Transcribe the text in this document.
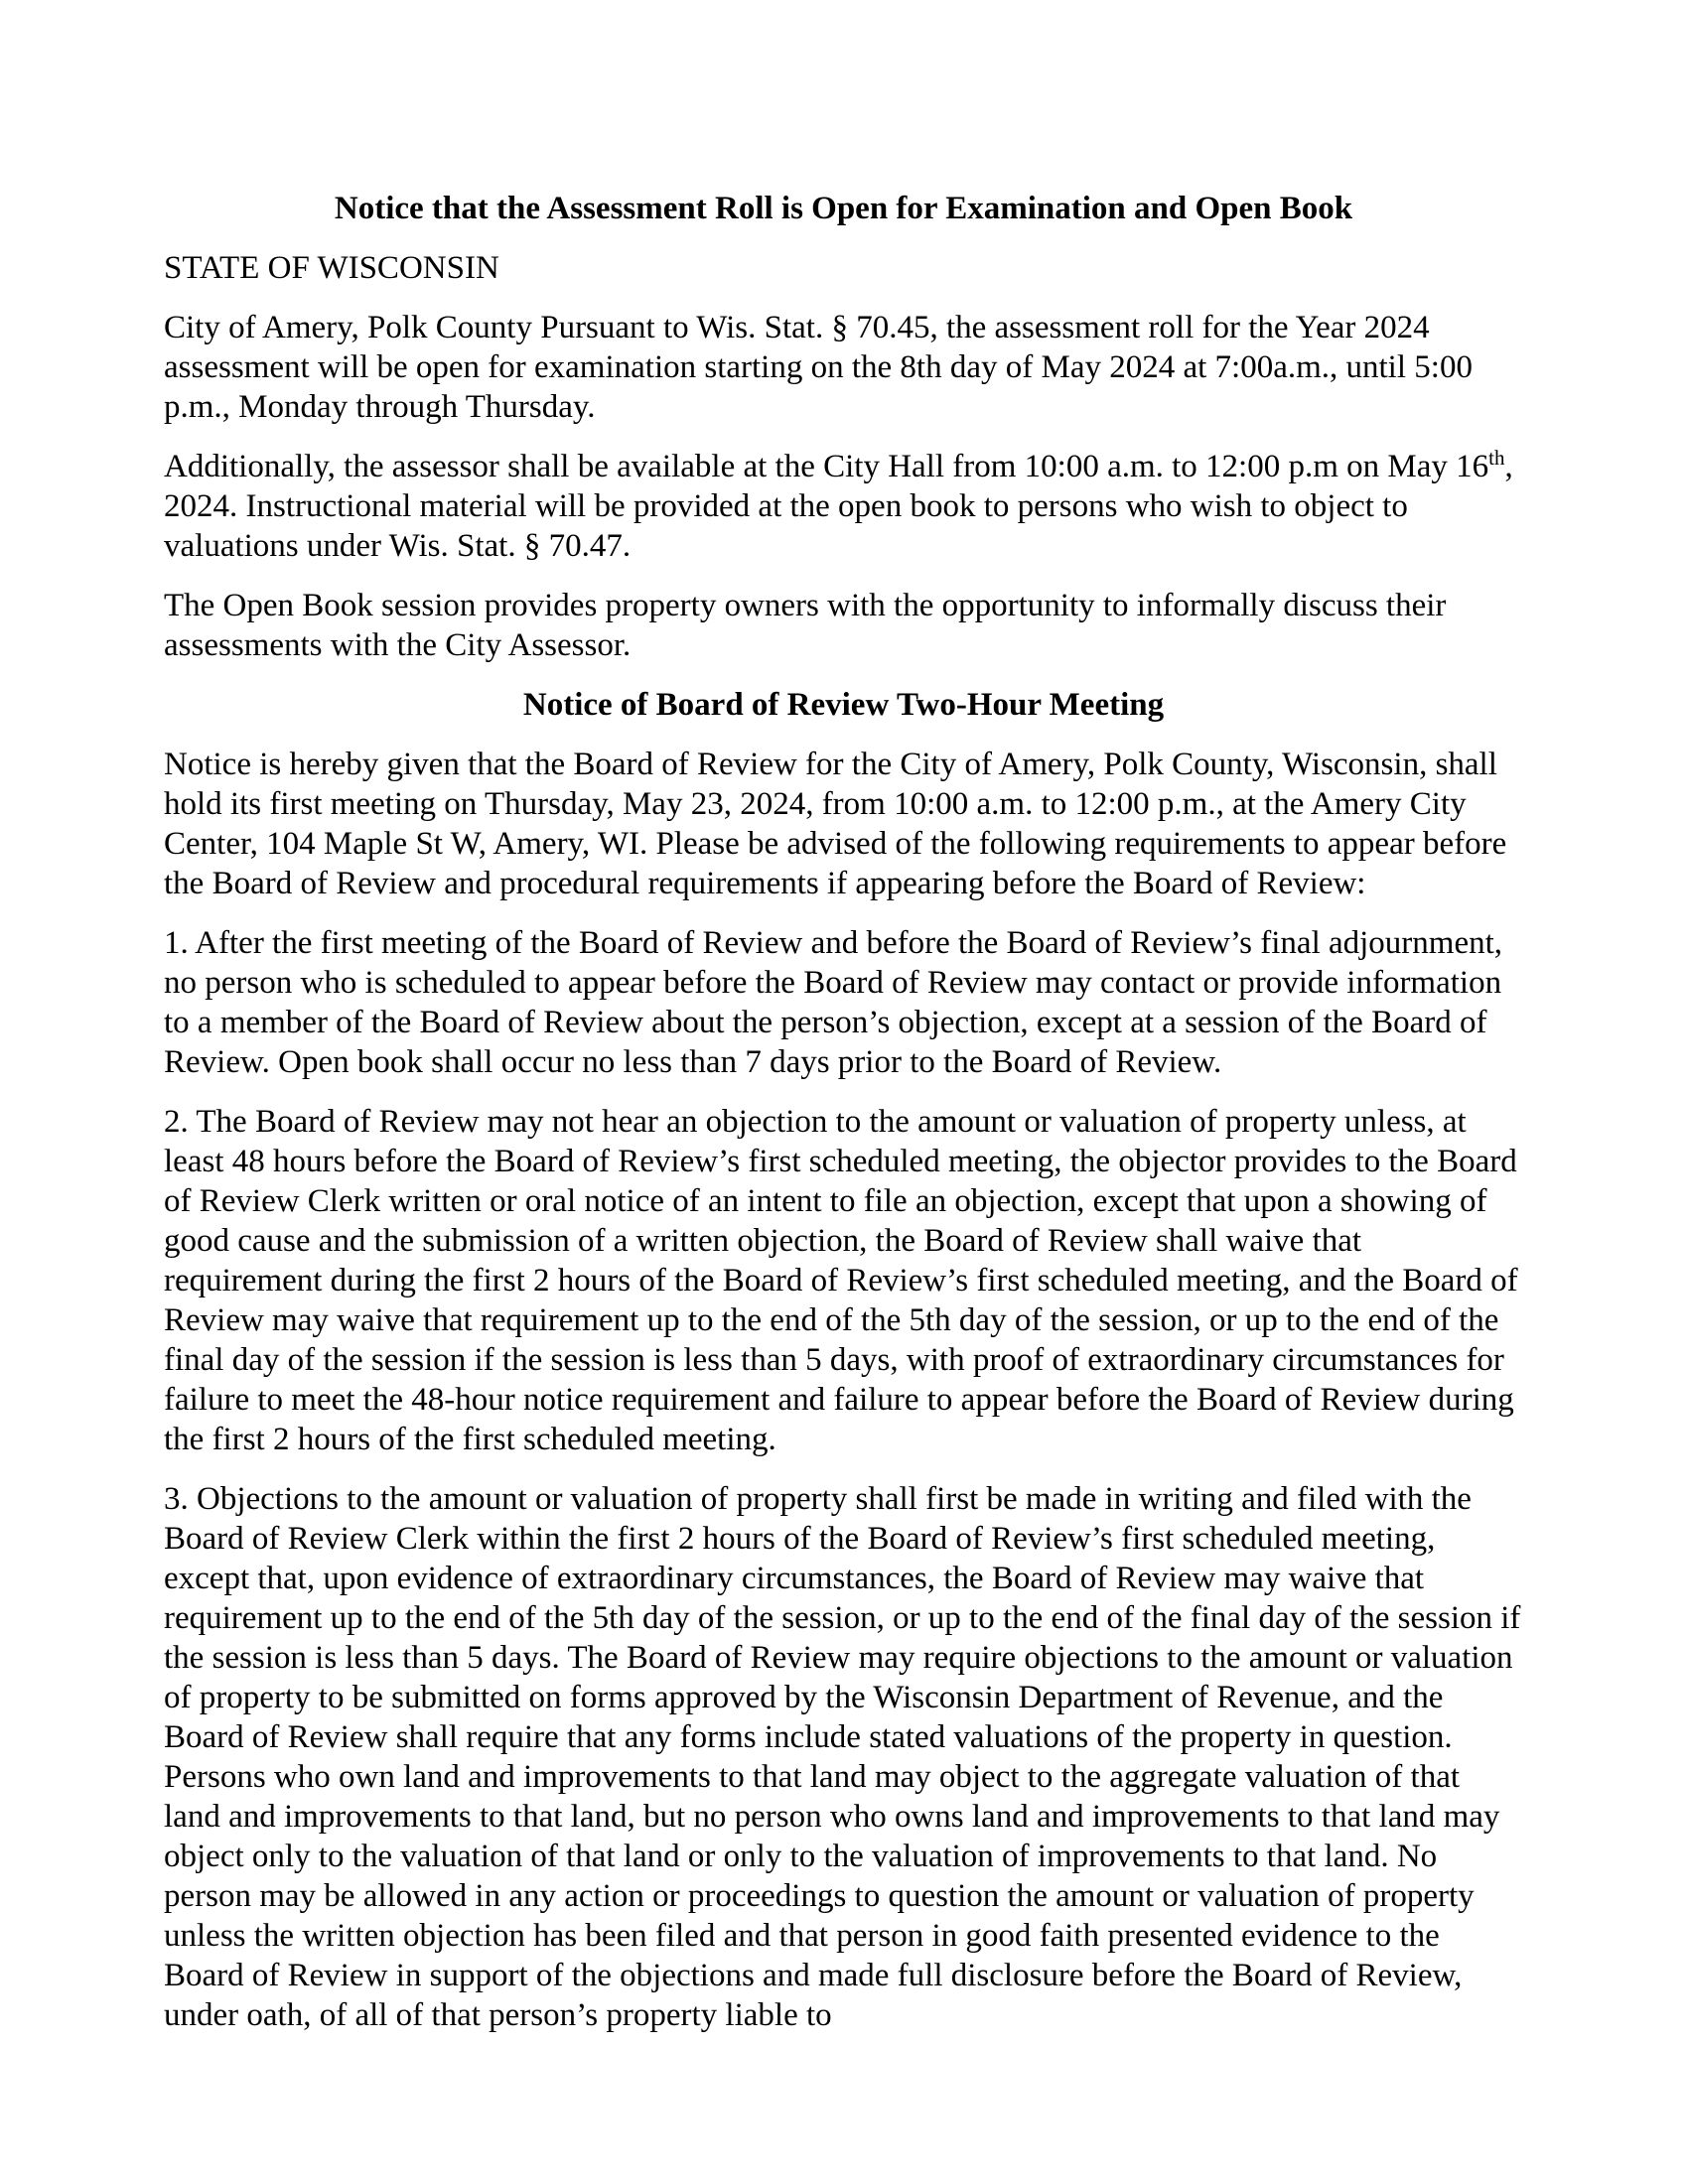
Notice that the Assessment Roll is Open for Examination and Open Book

STATE OF WISCONSIN

City of Amery, Polk County Pursuant to Wis. Stat. § 70.45, the assessment roll for the Year 2024 assessment will be open for examination starting on the 8th day of May 2024 at 7:00a.m., until 5:00 p.m., Monday through Thursday.

Additionally, the assessor shall be available at the City Hall from 10:00 a.m. to 12:00 p.m on May 16th, 2024. Instructional material will be provided at the open book to persons who wish to object to valuations under Wis. Stat. § 70.47.

The Open Book session provides property owners with the opportunity to informally discuss their assessments with the City Assessor.

Notice of Board of Review Two-Hour Meeting

Notice is hereby given that the Board of Review for the City of Amery, Polk County, Wisconsin, shall hold its first meeting on Thursday, May 23, 2024, from 10:00 a.m. to 12:00 p.m., at the Amery City Center, 104 Maple St W, Amery, WI. Please be advised of the following requirements to appear before the Board of Review and procedural requirements if appearing before the Board of Review:

1. After the first meeting of the Board of Review and before the Board of Review’s final adjournment, no person who is scheduled to appear before the Board of Review may contact or provide information to a member of the Board of Review about the person’s objection, except at a session of the Board of Review. Open book shall occur no less than 7 days prior to the Board of Review.

2. The Board of Review may not hear an objection to the amount or valuation of property unless, at least 48 hours before the Board of Review’s first scheduled meeting, the objector provides to the Board of Review Clerk written or oral notice of an intent to file an objection, except that upon a showing of good cause and the submission of a written objection, the Board of Review shall waive that requirement during the first 2 hours of the Board of Review’s first scheduled meeting, and the Board of Review may waive that requirement up to the end of the 5th day of the session, or up to the end of the final day of the session if the session is less than 5 days, with proof of extraordinary circumstances for failure to meet the 48-hour notice requirement and failure to appear before the Board of Review during the first 2 hours of the first scheduled meeting.

3. Objections to the amount or valuation of property shall first be made in writing and filed with the Board of Review Clerk within the first 2 hours of the Board of Review’s first scheduled meeting, except that, upon evidence of extraordinary circumstances, the Board of Review may waive that requirement up to the end of the 5th day of the session, or up to the end of the final day of the session if the session is less than 5 days. The Board of Review may require objections to the amount or valuation of property to be submitted on forms approved by the Wisconsin Department of Revenue, and the Board of Review shall require that any forms include stated valuations of the property in question. Persons who own land and improvements to that land may object to the aggregate valuation of that land and improvements to that land, but no person who owns land and improvements to that land may object only to the valuation of that land or only to the valuation of improvements to that land. No person may be allowed in any action or proceedings to question the amount or valuation of property unless the written objection has been filed and that person in good faith presented evidence to the Board of Review in support of the objections and made full disclosure before the Board of Review, under oath, of all of that person’s property liable to
